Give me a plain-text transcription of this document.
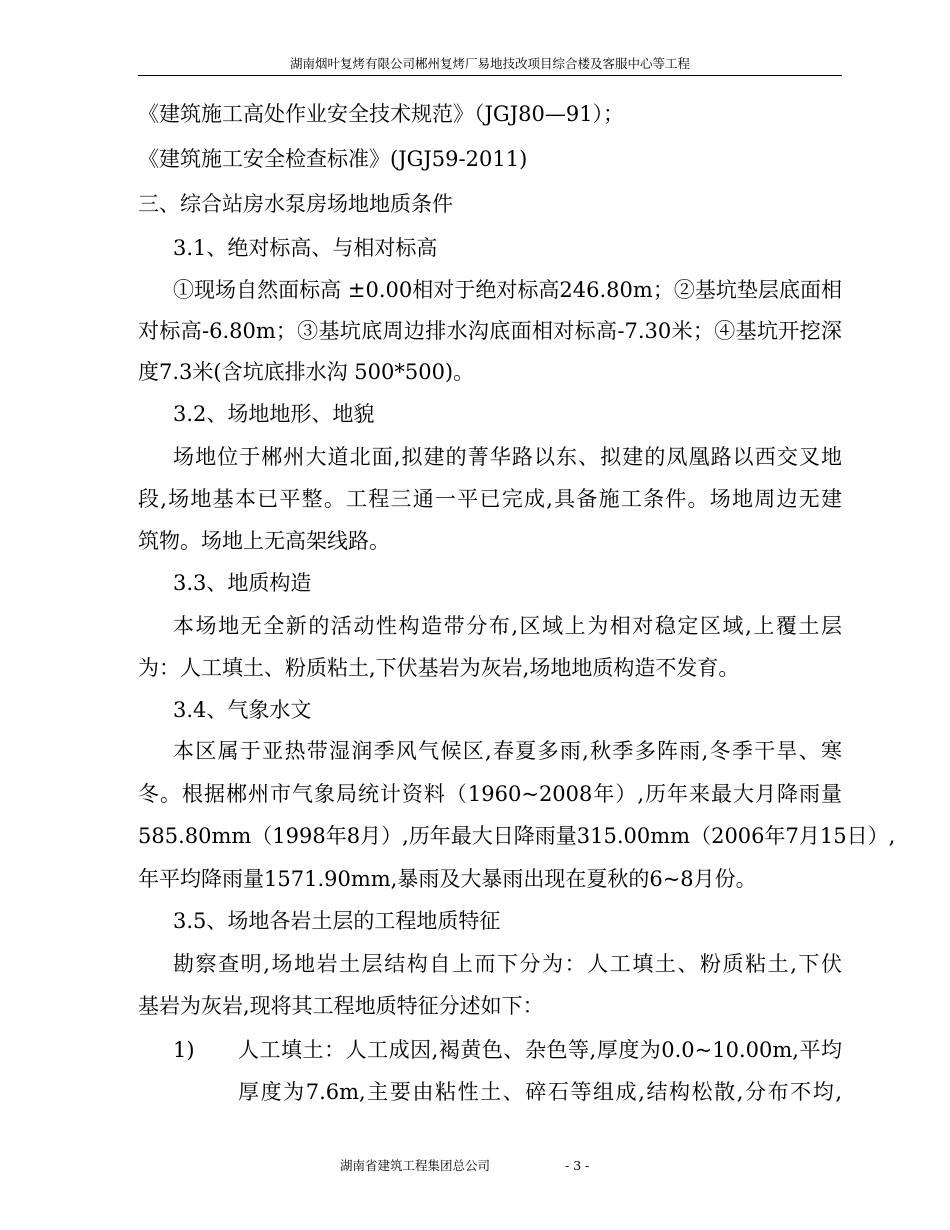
湖南烟叶复烤有限公司郴州复烤厂易地技改项目综合楼及客服中心等工程
《建筑施工高处作业安全技术规范》（JGJ80—91）；
《建筑施工安全检查标准》(JGJ59-2011)
三、综合站房水泵房场地地质条件
3.1、绝对标高、与相对标高
①现场自然面标高 ±0.00相对于绝对标高246.80m；②基坑垫层底面相
对标高-6.80m；③基坑底周边排水沟底面相对标高-7.30米；④基坑开挖深
度7.3米(含坑底排水沟 500*500)。
3.2、场地地形、地貌
场地位于郴州大道北面,拟建的菁华路以东、拟建的凤凰路以西交叉地
段,场地基本已平整。工程三通一平已完成,具备施工条件。场地周边无建
筑物。场地上无高架线路。
3.3、地质构造
本场地无全新的活动性构造带分布,区域上为相对稳定区域,上覆土层
为：人工填土、粉质粘土,下伏基岩为灰岩,场地地质构造不发育。
3.4、气象水文
本区属于亚热带湿润季风气候区,春夏多雨,秋季多阵雨,冬季干旱、寒
冬。根据郴州市气象局统计资料（1960~2008年）,历年来最大月降雨量
585.80mm（1998年8月）,历年最大日降雨量315.00mm（2006年7月15日）,
年平均降雨量1571.90mm,暴雨及大暴雨出现在夏秋的6~8月份。
3.5、场地各岩土层的工程地质特征
勘察查明,场地岩土层结构自上而下分为：人工填土、粉质粘土,下伏
基岩为灰岩,现将其工程地质特征分述如下：
1) 人工填土：人工成因,褐黄色、杂色等,厚度为0.0~10.00m,平均
厚度为7.6m,主要由粘性土、碎石等组成,结构松散,分布不均,
湖南省建筑工程集团总公司	- 3 -
